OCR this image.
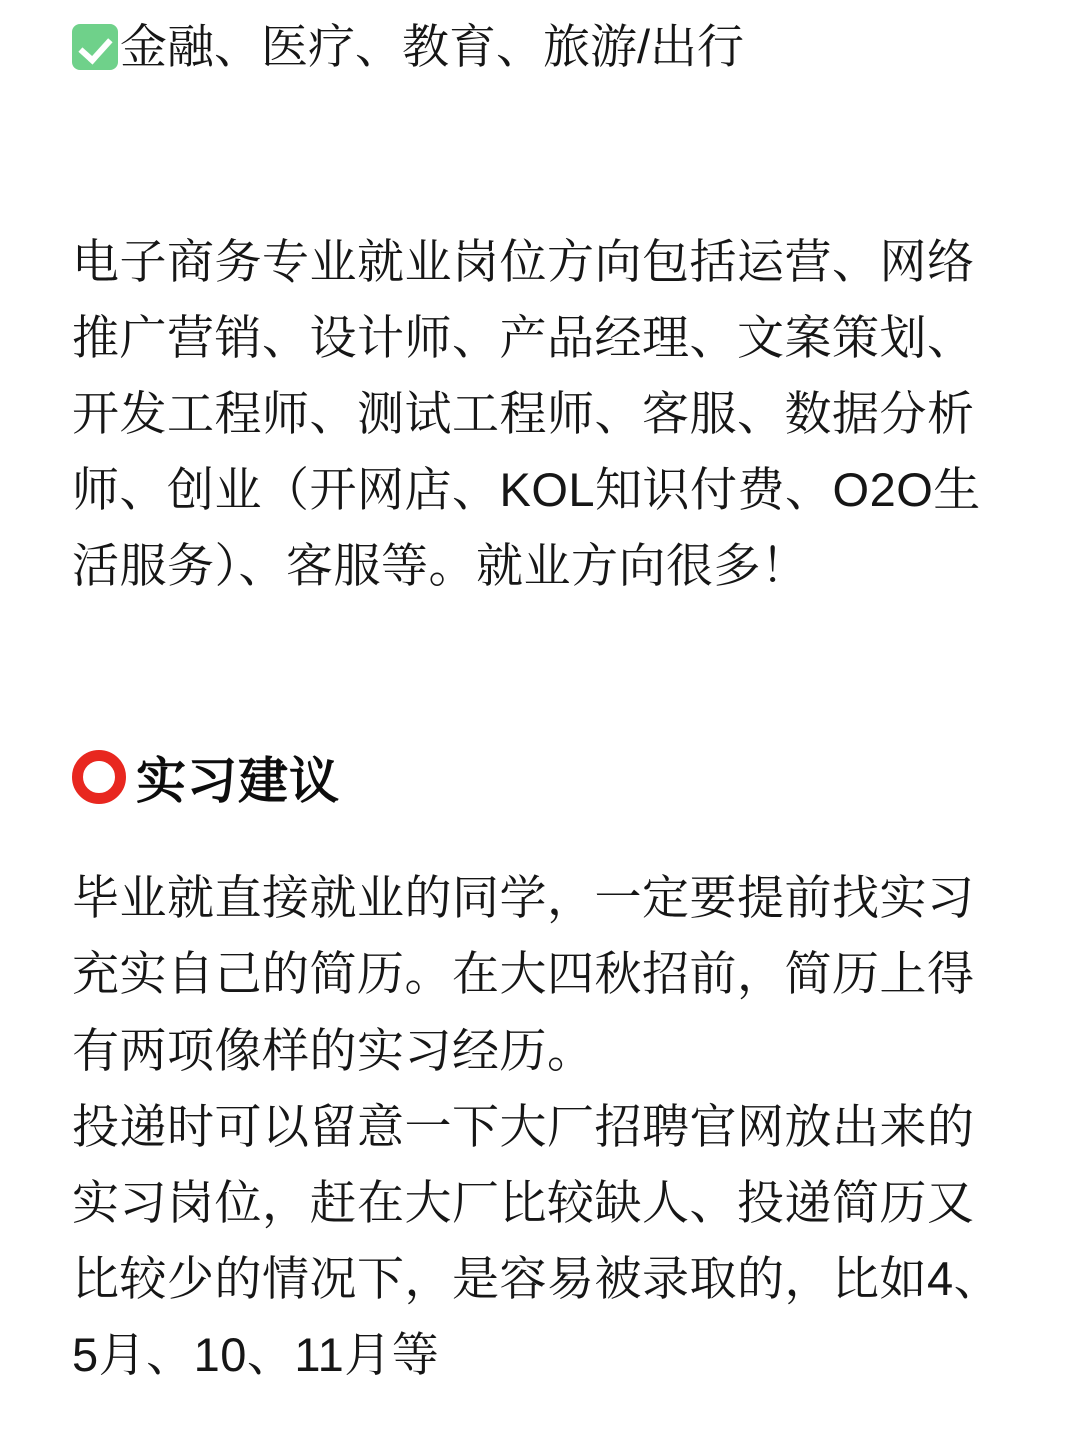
金融、医疗、教育、旅游/出行

电子商务专业就业岗位方向包括运营、网络推广营销、设计师、产品经理、文案策划、开发工程师、测试工程师、客服、数据分析师、创业（开网店、KOL知识付费、O2O生活服务）、客服等。就业方向很多！

实习建议

毕业就直接就业的同学，一定要提前找实习充实自己的简历。在大四秋招前，简历上得有两项像样的实习经历。

投递时可以留意一下大厂招聘官网放出来的实习岗位，赶在大厂比较缺人、投递简历又比较少的情况下，是容易被录取的，比如4、5月、10、11月等
